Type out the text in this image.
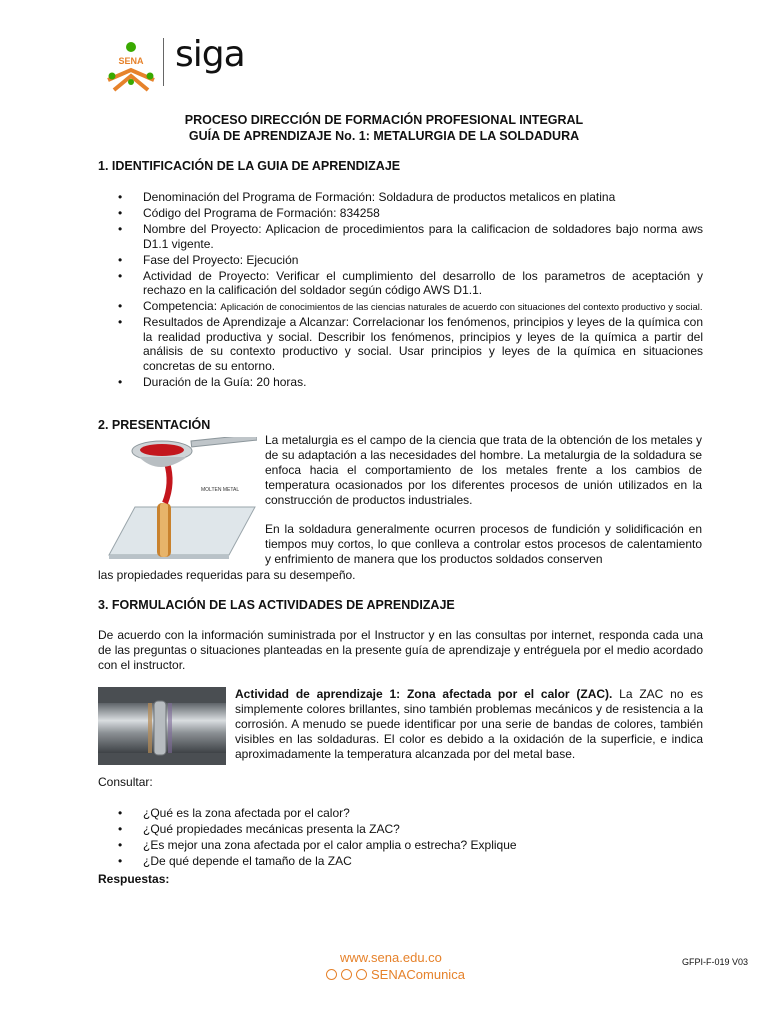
SENA siga
PROCESO DIRECCIÓN DE FORMACIÓN PROFESIONAL INTEGRAL
GUÍA DE APRENDIZAJE No. 1: METALURGIA DE LA SOLDADURA
1. IDENTIFICACIÓN DE LA GUIA DE APRENDIZAJE
• Denominación del Programa de Formación: Soldadura de productos metalicos en platina
• Código del Programa de Formación: 834258
• Nombre del Proyecto: Aplicacion de procedimientos para la calificacion de soldadores bajo norma aws D1.1 vigente.
• Fase del Proyecto: Ejecución
• Actividad de Proyecto: Verificar el cumplimiento del desarrollo de los parametros de aceptación y rechazo en la calificación del soldador según código AWS D1.1.
• Competencia: Aplicación de conocimientos de las ciencias naturales de acuerdo con situaciones del contexto productivo y social.
• Resultados de Aprendizaje a Alcanzar: Correlacionar los fenómenos, principios y leyes de la química con la realidad productiva y social. Describir los fenómenos, principios y leyes de la química a partir del análisis de su contexto productivo y social. Usar principios y leyes de la química en situaciones concretas de su entorno.
• Duración de la Guía: 20 horas.
2. PRESENTACIÓN
MOLTEN METAL

La metalurgia es el campo de la ciencia que trata de la obtención de los metales y de su adaptación a las necesidades del hombre. La metalurgia de la soldadura se enfoca hacia el comportamiento de los metales frente a los cambios de temperatura ocasionados por los diferentes procesos de unión utilizados en la construcción de productos industriales.

En la soldadura generalmente ocurren procesos de fundición y solidificación en tiempos muy cortos, lo que conlleva a controlar estos procesos de calentamiento y enfrimiento de manera que los productos soldados conserven

las propiedades requeridas para su desempeño.

3. FORMULACIÓN DE LAS ACTIVIDADES DE APRENDIZAJE

De acuerdo con la información suministrada por el Instructor y en las consultas por internet, responda cada una de las preguntas o situaciones planteadas en la presente guía de aprendizaje y entréguela por el medio acordado con el instructor.

Actividad de aprendizaje 1: Zona afectada por el calor (ZAC). La ZAC no es simplemente colores brillantes, sino también problemas mecánicos y de resistencia a la corrosión. A menudo se puede identificar por una serie de bandas de colores, también visibles en las soldaduras. El color es debido a la oxidación de la superficie, e indica aproximadamente la temperatura alcanzada por del metal base.

Consultar:

• ¿Qué es la zona afectada por el calor?
• ¿Qué propiedades mecánicas presenta la ZAC?
• ¿Es mejor una zona afectada por el calor amplia o estrecha? Explique
• ¿De qué depende el tamaño de la ZAC
Respuestas:
www.sena.edu.co
SENAComunica
GFPI-F-019 V03
